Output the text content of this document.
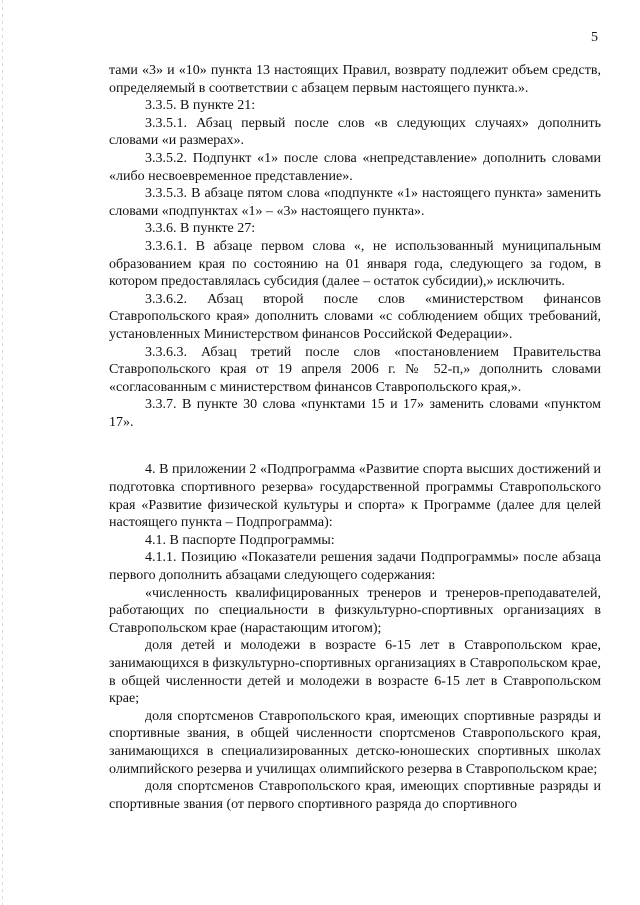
5

тами «3» и «10» пункта 13 настоящих Правил, возврату подлежит объем средств, определяемый в соответствии с абзацем первым настоящего пункта.».

3.3.5. В пункте 21:

3.3.5.1. Абзац первый после слов «в следующих случаях» дополнить словами «и размерах».

3.3.5.2. Подпункт «1» после слова «непредставление» дополнить словами «либо несвоевременное представление».

3.3.5.3. В абзаце пятом слова «подпункте «1» настоящего пункта» заменить словами «подпунктах «1» – «3» настоящего пункта».

3.3.6. В пункте 27:

3.3.6.1. В абзаце первом слова «, не использованный муниципальным образованием края по состоянию на 01 января года, следующего за годом, в котором предоставлялась субсидия (далее – остаток субсидии),» исключить.

3.3.6.2. Абзац второй после слов «министерством финансов Ставропольского края» дополнить словами «с соблюдением общих требований, установленных Министерством финансов Российской Федерации».

3.3.6.3. Абзац третий после слов «постановлением Правительства Ставропольского края от 19 апреля 2006 г. № 52-п,» дополнить словами «согласованным с министерством финансов Ставропольского края,».

3.3.7. В пункте 30 слова «пунктами 15 и 17» заменить словами «пунктом 17».

4. В приложении 2 «Подпрограмма «Развитие спорта высших достижений и подготовка спортивного резерва» государственной программы Ставропольского края «Развитие физической культуры и спорта» к Программе (далее для целей настоящего пункта – Подпрограмма):

4.1. В паспорте Подпрограммы:

4.1.1. Позицию «Показатели решения задачи Подпрограммы» после абзаца первого дополнить абзацами следующего содержания:

«численность квалифицированных тренеров и тренеров-преподавателей, работающих по специальности в физкультурно-спортивных организациях в Ставропольском крае (нарастающим итогом);

доля детей и молодежи в возрасте 6-15 лет в Ставропольском крае, занимающихся в физкультурно-спортивных организациях в Ставропольском крае, в общей численности детей и молодежи в возрасте 6-15 лет в Ставропольском крае;

доля спортсменов Ставропольского края, имеющих спортивные разряды и спортивные звания, в общей численности спортсменов Ставропольского края, занимающихся в специализированных детско-юношеских спортивных школах олимпийского резерва и училищах олимпийского резерва в Ставропольском крае;

доля спортсменов Ставропольского края, имеющих спортивные разряды и спортивные звания (от первого спортивного разряда до спортивного
